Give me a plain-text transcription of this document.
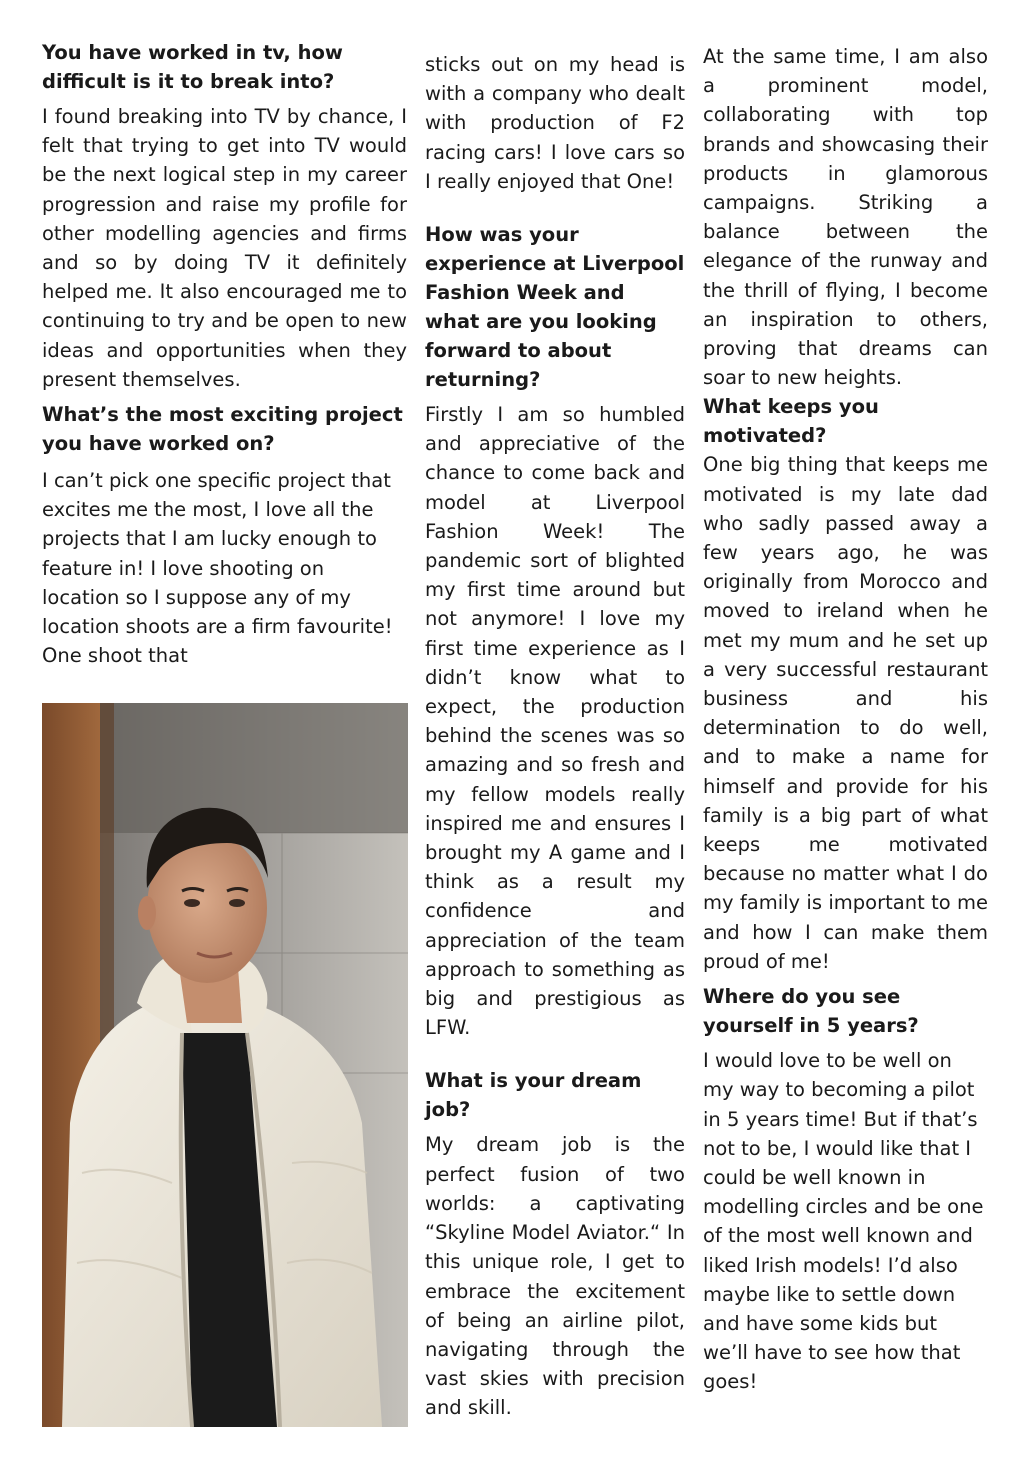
You have worked in tv, how difficult is it to break into?

I found breaking into TV by chance, I felt that trying to get into TV would be the next logical step in my career progression and raise my profile for other modelling agencies and firms and so by doing TV it definitely helped me. It also encouraged me to continuing to try and be open to new ideas and opportunities when they present themselves.

What’s the most exciting project you have worked on?

I can’t pick one specific project that excites me the most, I love all the projects that I am lucky enough to feature in! I love shooting on location so I suppose any of my location shoots are a firm favourite! One shoot that

sticks out on my head is with a company who dealt with production of F2 racing cars! I love cars so I really enjoyed that One!

How was your experience at Liverpool Fashion Week and what are you looking forward to about returning?

Firstly I am so humbled and appreciative of the chance to come back and model at Liverpool Fashion Week! The pandemic sort of blighted my first time around but not anymore! I love my first time experience as I didn’t know what to expect, the production behind the scenes was so amazing and so fresh and my fellow models really inspired me and ensures I brought my A game and I think as a result my confidence and appreciation of the team approach to something as big and prestigious as LFW.

What is your dream job?

My dream job is the perfect fusion of two worlds: a captivating “Skyline Model Aviator.“ In this unique role, I get to embrace the excitement of being an airline pilot, navigating through the vast skies with precision and skill.

At the same time, I am also a prominent model, collaborating with top brands and showcasing their products in glamorous campaigns. Striking a balance between the elegance of the runway and the thrill of flying, I become an inspiration to others, proving that dreams can soar to new heights.

What keeps you motivated?

One big thing that keeps me motivated is my late dad who sadly passed away a few years ago, he was originally from Morocco and moved to ireland when he met my mum and he set up a very successful restaurant business and his determination to do well, and to make a name for himself and provide for his family is a big part of what keeps me motivated because no matter what I do my family is important to me and how I can make them proud of me!

Where do you see yourself in 5 years?

I would love to be well on my way to becoming a pilot in 5 years time! But if that’s not to be, I would like that I could be well known in modelling circles and be one of the most well known and liked Irish models! I’d also maybe like to settle down and have some kids but we’ll have to see how that goes!
